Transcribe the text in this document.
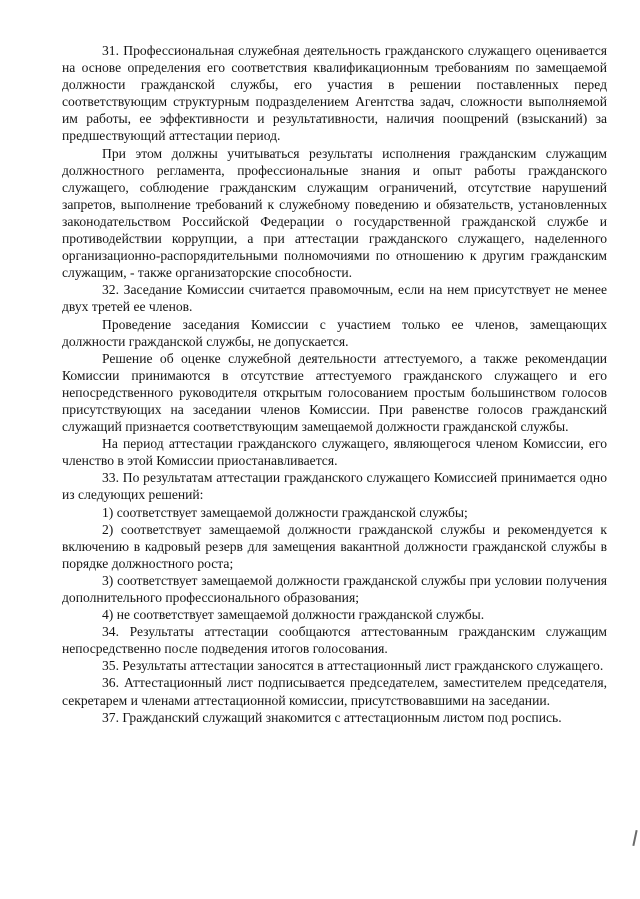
31. Профессиональная служебная деятельность гражданского служащего оценивается на основе определения его соответствия квалификационным требованиям по замещаемой должности гражданской службы, его участия в решении поставленных перед соответствующим структурным подразделением Агентства задач, сложности выполняемой им работы, ее эффективности и результативности, наличия поощрений (взысканий) за предшествующий аттестации период.

При этом должны учитываться результаты исполнения гражданским служащим должностного регламента, профессиональные знания и опыт работы гражданского служащего, соблюдение гражданским служащим ограничений, отсутствие нарушений запретов, выполнение требований к служебному поведению и обязательств, установленных законодательством Российской Федерации о государственной гражданской службе и противодействии коррупции, а при аттестации гражданского служащего, наделенного организационно-распорядительными полномочиями по отношению к другим гражданским служащим, - также организаторские способности.

32. Заседание Комиссии считается правомочным, если на нем присутствует не менее двух третей ее членов.

Проведение заседания Комиссии с участием только ее членов, замещающих должности гражданской службы, не допускается.

Решение об оценке служебной деятельности аттестуемого, а также рекомендации Комиссии принимаются в отсутствие аттестуемого гражданского служащего и его непосредственного руководителя открытым голосованием простым большинством голосов присутствующих на заседании членов Комиссии. При равенстве голосов гражданский служащий признается соответствующим замещаемой должности гражданской службы.

На период аттестации гражданского служащего, являющегося членом Комиссии, его членство в этой Комиссии приостанавливается.

33. По результатам аттестации гражданского служащего Комиссией принимается одно из следующих решений:

1) соответствует замещаемой должности гражданской службы;

2) соответствует замещаемой должности гражданской службы и рекомендуется к включению в кадровый резерв для замещения вакантной должности гражданской службы в порядке должностного роста;

3) соответствует замещаемой должности гражданской службы при условии получения дополнительного профессионального образования;

4) не соответствует замещаемой должности гражданской службы.

34. Результаты аттестации сообщаются аттестованным гражданским служащим непосредственно после подведения итогов голосования.

35. Результаты аттестации заносятся в аттестационный лист гражданского служащего.

36. Аттестационный лист подписывается председателем, заместителем председателя, секретарем и членами аттестационной комиссии, присутствовавшими на заседании.

37. Гражданский служащий знакомится с аттестационным листом под роспись.
